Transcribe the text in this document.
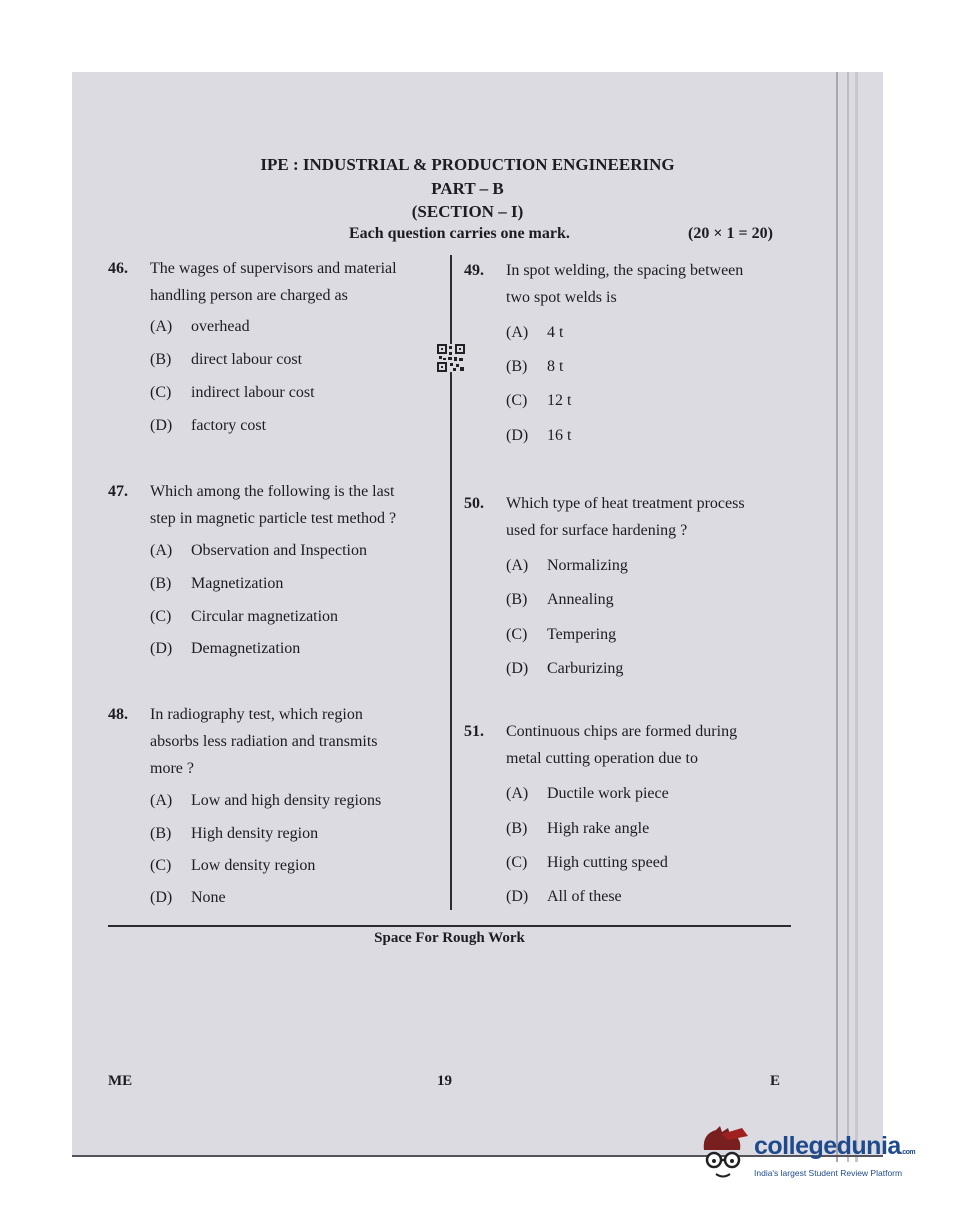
IPE : INDUSTRIAL & PRODUCTION ENGINEERING
PART – B
(SECTION – I)
Each question carries one mark.	(20 × 1 = 20)
46. The wages of supervisors and material
handling person are charged as
(A) overhead
(B) direct labour cost
(C) indirect labour cost
(D) factory cost
47. Which among the following is the last
step in magnetic particle test method ?
(A) Observation and Inspection
(B) Magnetization
(C) Circular magnetization
(D) Demagnetization
48. In radiography test, which region
absorbs less radiation and transmits
more ?
(A) Low and high density regions
(B) High density region
(C) Low density region
(D) None
49. In spot welding, the spacing between
two spot welds is
(A) 4 t
(B) 8 t
(C) 12 t
(D) 16 t
50. Which type of heat treatment process
used for surface hardening ?
(A) Normalizing
(B) Annealing
(C) Tempering
(D) Carburizing
51. Continuous chips are formed during
metal cutting operation due to
(A) Ductile work piece
(B) High rake angle
(C) High cutting speed
(D) All of these
Space For Rough Work
ME	19	E
collegedunia.com
India's largest Student Review Platform
